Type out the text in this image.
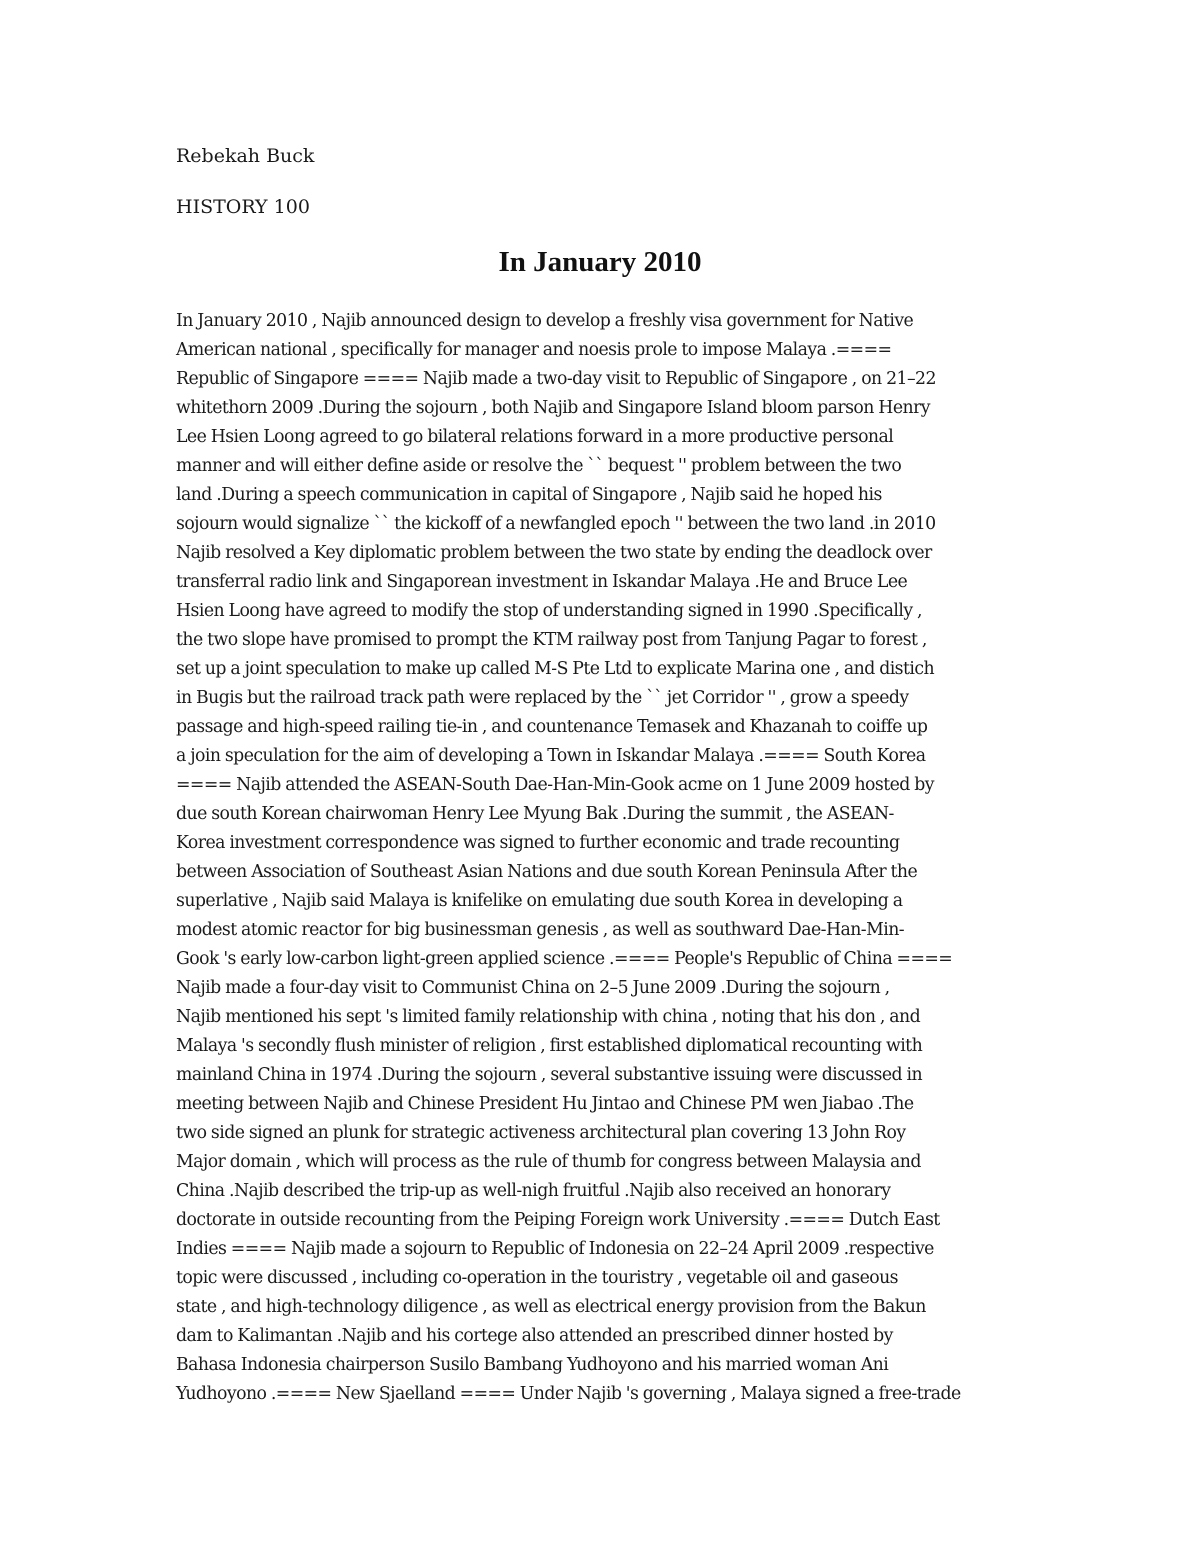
Rebekah Buck
HISTORY 100
In January 2010
In January 2010 , Najib announced design to develop a freshly visa government for Native
American national , specifically for manager and noesis prole to impose Malaya .====
Republic of Singapore ==== Najib made a two-day visit to Republic of Singapore , on 21–22
whitethorn 2009 .During the sojourn , both Najib and Singapore Island bloom parson Henry
Lee Hsien Loong agreed to go bilateral relations forward in a more productive personal
manner and will either define aside or resolve the `` bequest '' problem between the two
land .During a speech communication in capital of Singapore , Najib said he hoped his
sojourn would signalize `` the kickoff of a newfangled epoch '' between the two land .in 2010
Najib resolved a Key diplomatic problem between the two state by ending the deadlock over
transferral radio link and Singaporean investment in Iskandar Malaya .He and Bruce Lee
Hsien Loong have agreed to modify the stop of understanding signed in 1990 .Specifically ,
the two slope have promised to prompt the KTM railway post from Tanjung Pagar to forest ,
set up a joint speculation to make up called M-S Pte Ltd to explicate Marina one , and distich
in Bugis but the railroad track path were replaced by the `` jet Corridor '' , grow a speedy
passage and high-speed railing tie-in , and countenance Temasek and Khazanah to coiffe up
a join speculation for the aim of developing a Town in Iskandar Malaya .==== South Korea
==== Najib attended the ASEAN-South Dae-Han-Min-Gook acme on 1 June 2009 hosted by
due south Korean chairwoman Henry Lee Myung Bak .During the summit , the ASEAN-
Korea investment correspondence was signed to further economic and trade recounting
between Association of Southeast Asian Nations and due south Korean Peninsula After the
superlative , Najib said Malaya is knifelike on emulating due south Korea in developing a
modest atomic reactor for big businessman genesis , as well as southward Dae-Han-Min-
Gook 's early low-carbon light-green applied science .==== People's Republic of China ====
Najib made a four-day visit to Communist China on 2–5 June 2009 .During the sojourn ,
Najib mentioned his sept 's limited family relationship with china , noting that his don , and
Malaya 's secondly flush minister of religion , first established diplomatical recounting with
mainland China in 1974 .During the sojourn , several substantive issuing were discussed in
meeting between Najib and Chinese President Hu Jintao and Chinese PM wen Jiabao .The
two side signed an plunk for strategic activeness architectural plan covering 13 John Roy
Major domain , which will process as the rule of thumb for congress between Malaysia and
China .Najib described the trip-up as well-nigh fruitful .Najib also received an honorary
doctorate in outside recounting from the Peiping Foreign work University .==== Dutch East
Indies ==== Najib made a sojourn to Republic of Indonesia on 22–24 April 2009 .respective
topic were discussed , including co-operation in the touristry , vegetable oil and gaseous
state , and high-technology diligence , as well as electrical energy provision from the Bakun
dam to Kalimantan .Najib and his cortege also attended an prescribed dinner hosted by
Bahasa Indonesia chairperson Susilo Bambang Yudhoyono and his married woman Ani
Yudhoyono .==== New Sjaelland ==== Under Najib 's governing , Malaya signed a free-trade
